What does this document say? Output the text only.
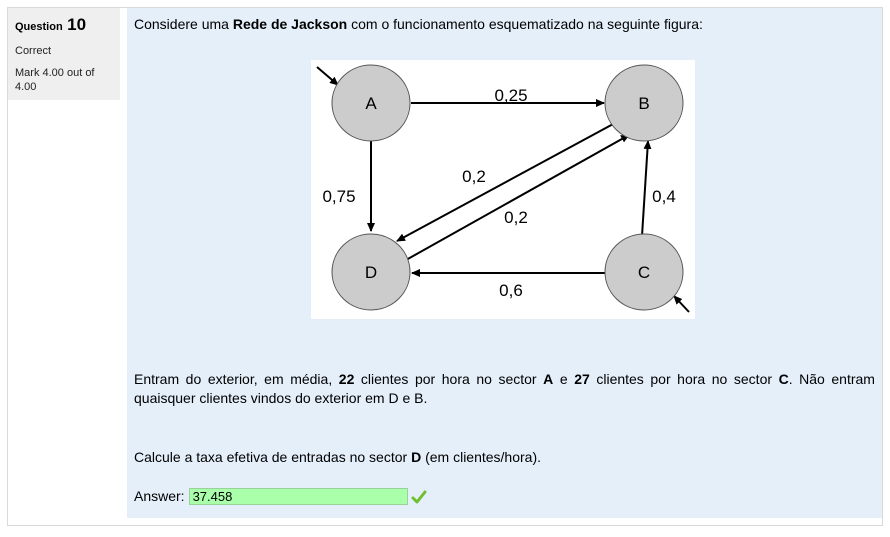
Question 10
Correct
Mark 4.00 out of 4.00
Considere uma Rede de Jackson com o funcionamento esquematizado na seguinte figura:
A	B
D	C
0,25
0,75
0,2
0,2
0,4
0,6
Entram do exterior, em média, 22 clientes por hora no sector A e 27 clientes por hora no sector C. Não entram quaisquer clientes vindos do exterior em D e B.
Calcule a taxa efetiva de entradas no sector D (em clientes/hora).
Answer:
37.458
